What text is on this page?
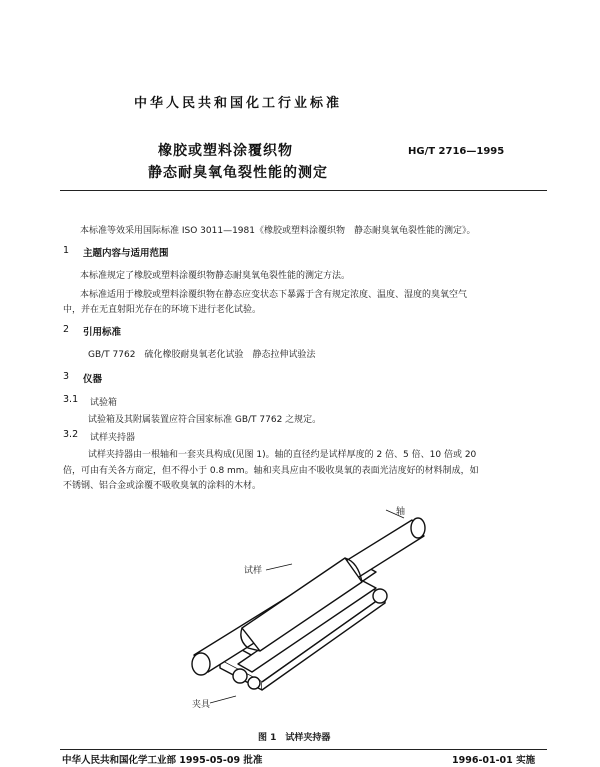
中华人民共和国化工行业标准
橡胶或塑料涂覆织物
静态耐臭氧龟裂性能的测定
HG/T 2716—1995
本标准等效采用国际标准 ISO 3011—1981《橡胶或塑料涂覆织物　静态耐臭氧龟裂性能的测定》。
1 主题内容与适用范围
本标准规定了橡胶或塑料涂覆织物静态耐臭氧龟裂性能的测定方法。
本标准适用于橡胶或塑料涂覆织物在静态应变状态下暴露于含有规定浓度、温度、湿度的臭氧空气
中，并在无直射阳光存在的环境下进行老化试验。
2 引用标准
GB/T 7762　硫化橡胶耐臭氧老化试验　静态拉伸试验法
3 仪器
3.1 试验箱
试验箱及其附属装置应符合国家标准 GB/T 7762 之规定。
3.2 试样夹持器
试样夹持器由一根轴和一套夹具构成(见图 1)。轴的直径约是试样厚度的 2 倍、5 倍、10 倍或 20
倍，可由有关各方商定，但不得小于 0.8 mm。轴和夹具应由不吸收臭氧的表面光洁度好的材料制成，如
不锈钢、铝合金或涂覆不吸收臭氧的涂料的木材。
轴
试样
夹具
图 1　试样夹持器
中华人民共和国化学工业部 1995-05-09 批准	1996-01-01 实施
